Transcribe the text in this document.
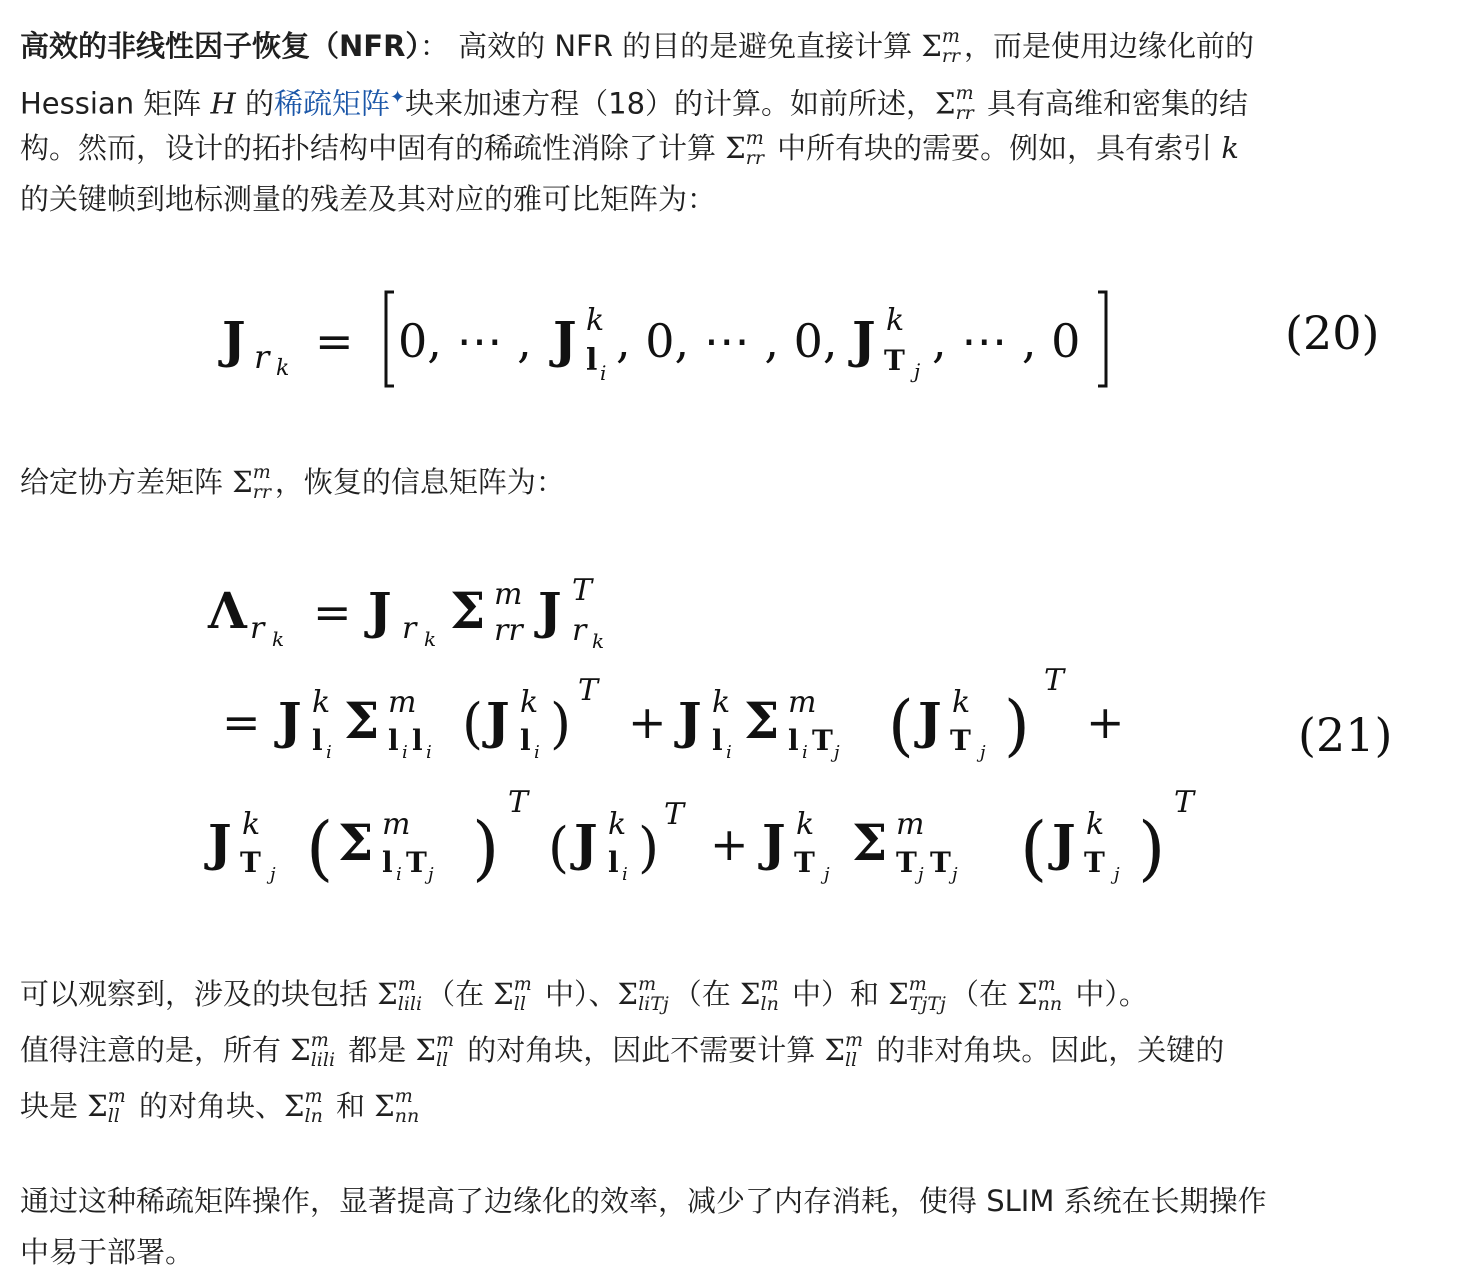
高效的非线性因子恢复（NFR）： 高效的 NFR 的目的是避免直接计算 Σ m
rr ，而是使用边缘化前的
Hessian 矩阵 H 的稀疏矩阵✦块来加速方程（18）的计算。如前所述，Σ m
rr 具有高维和密集的结
构。然而，设计的拓扑结构中固有的稀疏性消除了计算 Σ m
rr 中所有块的需要。例如，具有索引 k
的关键帧到地标测量的残差及其对应的雅可比矩阵为：
J r k
= 0, ⋯ , J k
l i
, 0, ⋯ , 0, J k
T j
, ⋯ , 0	(20)
给定协方差矩阵 Σ m
rr ，恢复的信息矩阵为：
Λ r k = J r k Σ m
rr J T
r k
= J k
l i
Σ m
l i l i ( J k
l i )
T
+ J k
l i
Σ m
l i T j ( J k
T j )
T
+
J k
T j ( Σ m
l i T j )
T
( J k
l i )
T
+ J k
T j
Σ m
T j T j ( J k
T j )
T
(21)
可以观察到，涉及的块包括 Σ m
lili （在 Σ m
ll 中）、Σ m
liTj （在 Σ m
ln 中）和 Σ m
TjTj （在 Σ m
nn 中）。
值得注意的是，所有 Σ m
lili 都是 Σ m
ll 的对角块，因此不需要计算 Σ m
ll 的非对角块。因此，关键的
块是 Σ m
ll 的对角块、Σ m
ln 和 Σ m
nn
通过这种稀疏矩阵操作，显著提高了边缘化的效率，减少了内存消耗，使得 SLIM 系统在长期操作
中易于部署。
